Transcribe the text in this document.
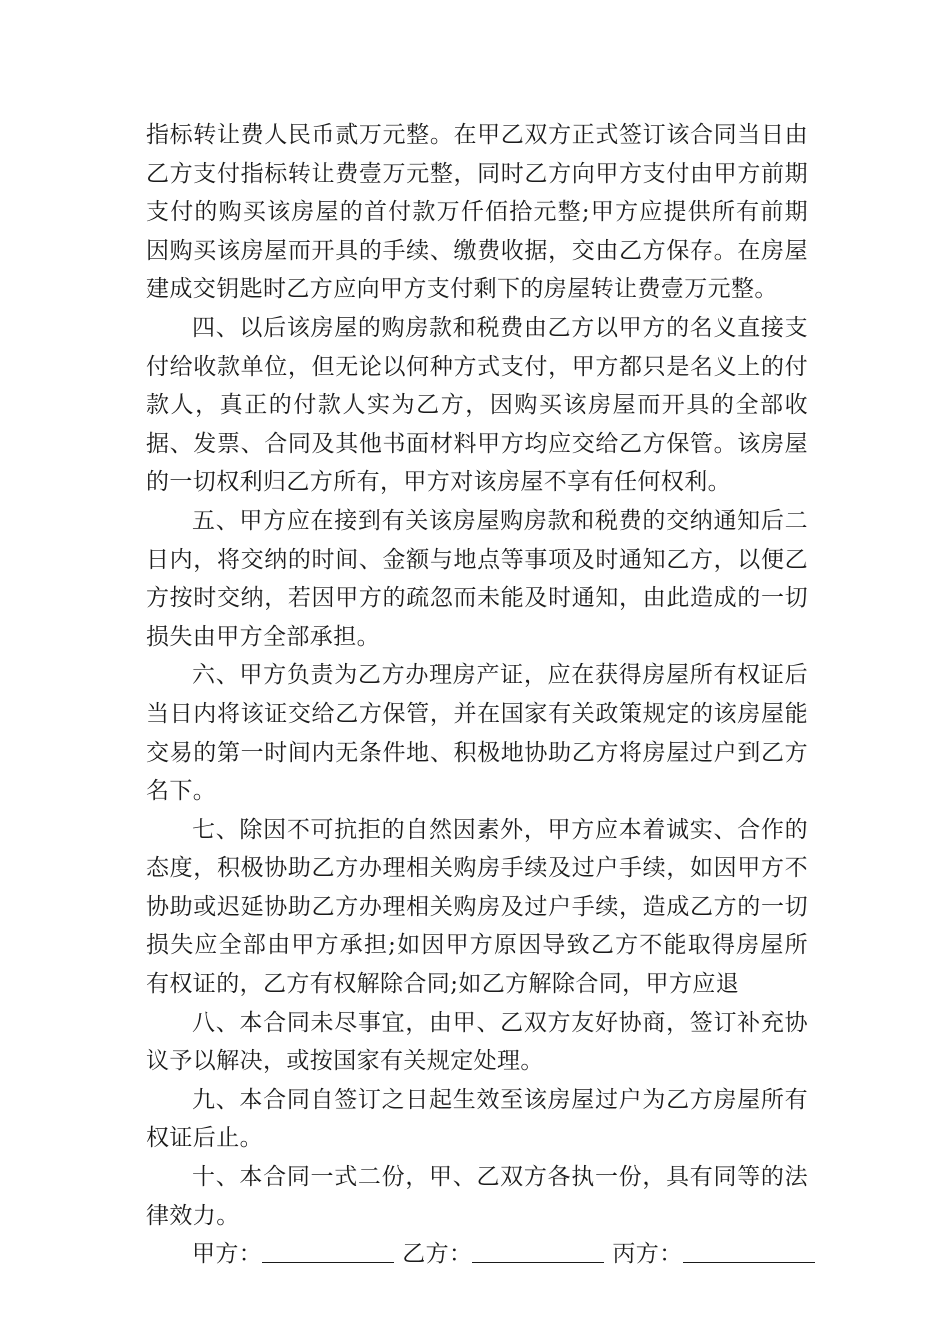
指标转让费人民币贰万元整。在甲乙双方正式签订该合同当日由乙方支付指标转让费壹万元整，同时乙方向甲方支付由甲方前期支付的购买该房屋的首付款万仟佰拾元整;甲方应提供所有前期因购买该房屋而开具的手续、缴费收据，交由乙方保存。在房屋建成交钥匙时乙方应向甲方支付剩下的房屋转让费壹万元整。

四、以后该房屋的购房款和税费由乙方以甲方的名义直接支付给收款单位，但无论以何种方式支付，甲方都只是名义上的付款人，真正的付款人实为乙方，因购买该房屋而开具的全部收据、发票、合同及其他书面材料甲方均应交给乙方保管。该房屋的一切权利归乙方所有，甲方对该房屋不享有任何权利。

五、甲方应在接到有关该房屋购房款和税费的交纳通知后二日内，将交纳的时间、金额与地点等事项及时通知乙方，以便乙方按时交纳，若因甲方的疏忽而未能及时通知，由此造成的一切损失由甲方全部承担。

六、甲方负责为乙方办理房产证，应在获得房屋所有权证后当日内将该证交给乙方保管，并在国家有关政策规定的该房屋能交易的第一时间内无条件地、积极地协助乙方将房屋过户到乙方名下。

七、除因不可抗拒的自然因素外，甲方应本着诚实、合作的态度，积极协助乙方办理相关购房手续及过户手续，如因甲方不协助或迟延协助乙方办理相关购房及过户手续，造成乙方的一切损失应全部由甲方承担;如因甲方原因导致乙方不能取得房屋所有权证的，乙方有权解除合同;如乙方解除合同，甲方应退

八、本合同未尽事宜，由甲、乙双方友好协商，签订补充协议予以解决，或按国家有关规定处理。

九、本合同自签订之日起生效至该房屋过户为乙方房屋所有权证后止。

十、本合同一式二份，甲、乙双方各执一份，具有同等的法律效力。

甲方：	乙方：	丙方：
